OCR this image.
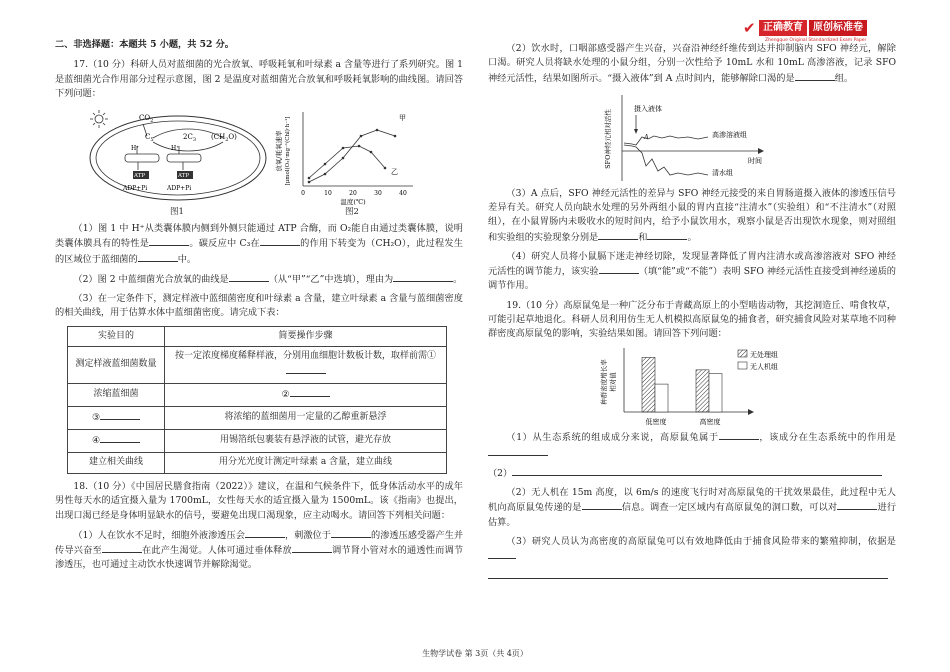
✔ 正确教育	原创标准卷
Zhengque Original Standardized Exam Paper

二、非选择题：本题共 5 小题，共 52 分。

17.（10 分）科研人员对蓝细菌的光合放氧、呼吸耗氧和叶绿素 a 含量等进行了系列研究。图 1 是蓝细菌光合作用部分过程示意图，图 2 是温度对蓝细菌光合放氧和呼吸耗氧影响的曲线图。请回答下列问题：

$CO_2$
$C_5$	$2C_3$ $(CH_2O)$
H⁺	H⁺
ATP	ATP
ADP+Pi	ADP+Pi
图1
放氧/耗氧速率 [μmol(O₂)·mg⁻¹(Chl)·h⁻¹]	甲
乙
0	10	20	30	40
温度(℃)
图2

（1）图 1 中 H⁺从类囊体膜内侧到外侧只能通过 ATP 合酶，而 O₂能自由通过类囊体膜，说明类囊体膜具有的特性是	。碳反应中 C₃在	的作用下转变为（CH₂O），此过程发生的区域位于蓝细菌的	中。

（2）图 2 中蓝细菌光合放氧的曲线是	（从“甲”“乙”中选填），理由为	。

（3）在一定条件下，测定样液中蓝细菌密度和叶绿素 a 含量，建立叶绿素 a 含量与蓝细菌密度的相关曲线，用于估算水体中蓝细菌密度。请完成下表：

实验目的	简要操作步骤
测定样液蓝细菌数量	按一定浓度梯度稀释样液，分别用血细胞计数板计数，取样前需①
浓缩蓝细菌	②
③	将浓缩的蓝细菌用一定量的乙醇重新悬浮
④	用锡箔纸包裹装有悬浮液的试管，避光存放
建立相关曲线	用分光光度计测定叶绿素 a 含量，建立曲线

18.（10 分）《中国居民膳食指南（2022）》建议，在温和气候条件下，低身体活动水平的成年男性每天水的适宜摄入量为 1700mL，女性每天水的适宜摄入量为 1500mL。该《指南》也提出，出现口渴已经是身体明显缺水的信号，要避免出现口渴现象，应主动喝水。请回答下列相关问题：

（1）人在饮水不足时，细胞外液渗透压会	，刺激位于	的渗透压感受器产生并传导兴奋至	在此产生渴觉。人体可通过垂体释放	调节肾小管对水的通透性而调节渗透压，也可通过主动饮水快速调节并解除渴觉。

（2）饮水时，口咽部感受器产生兴奋，兴奋沿神经纤维传到达并抑制脑内 SFO 神经元，解除口渴。研究人员将缺水处理的小鼠分组，分别一次性给予 10mL 水和 10mL 高渗溶液，记录 SFO 神经元活性，结果如图所示。“摄入液体”到 A 点时间内，能够解除口渴的是	组。

SFO神经元相对活性	时间
摄入液体
A	高渗溶液组
清水组

（3）A 点后，SFO 神经元活性的差异与 SFO 神经元接受的来自胃肠道摄入液体的渗透压信号差异有关。研究人员向缺水处理的另外两组小鼠的胃内直接“注清水”（实验组）和“不注清水”（对照组），在小鼠胃肠内未吸收水的短时间内，给予小鼠饮用水，观察小鼠是否出现饮水现象，则对照组和实验组的实验现象分别是	和	。

（4）研究人员将小鼠膈下迷走神经切除，发现显著降低了胃内注清水或高渗溶液对 SFO 神经元活性的调节能力，该实验	（填“能”或“不能”）表明 SFO 神经元活性直接受到神经递质的调节作用。

19.（10 分）高原鼠兔是一种广泛分布于青藏高原上的小型啮齿动物，其挖洞造丘、啃食牧草，可能引起草地退化。科研人员利用仿生无人机模拟高原鼠兔的捕食者，研究捕食风险对某草地不同种群密度高原鼠兔的影响，实验结果如图。请回答下列问题：

种群密度增长率 相对值
低密度	高密度
无处理组
无人机组

（1）从生态系统的组成成分来说，高原鼠兔属于	，该成分在生态系统中的作用是

（2）

（2）无人机在 15m 高度，以 6m/s 的速度飞行时对高原鼠兔的干扰效果最佳，此过程中无人机向高原鼠兔传递的是	信息。调查一定区域内有高原鼠兔的洞口数，可以对	进行估算。

（3）研究人员认为高密度的高原鼠兔可以有效地降低由于捕食风险带来的繁殖抑制，依据是

生物学试卷 第 3页（共 4页）
